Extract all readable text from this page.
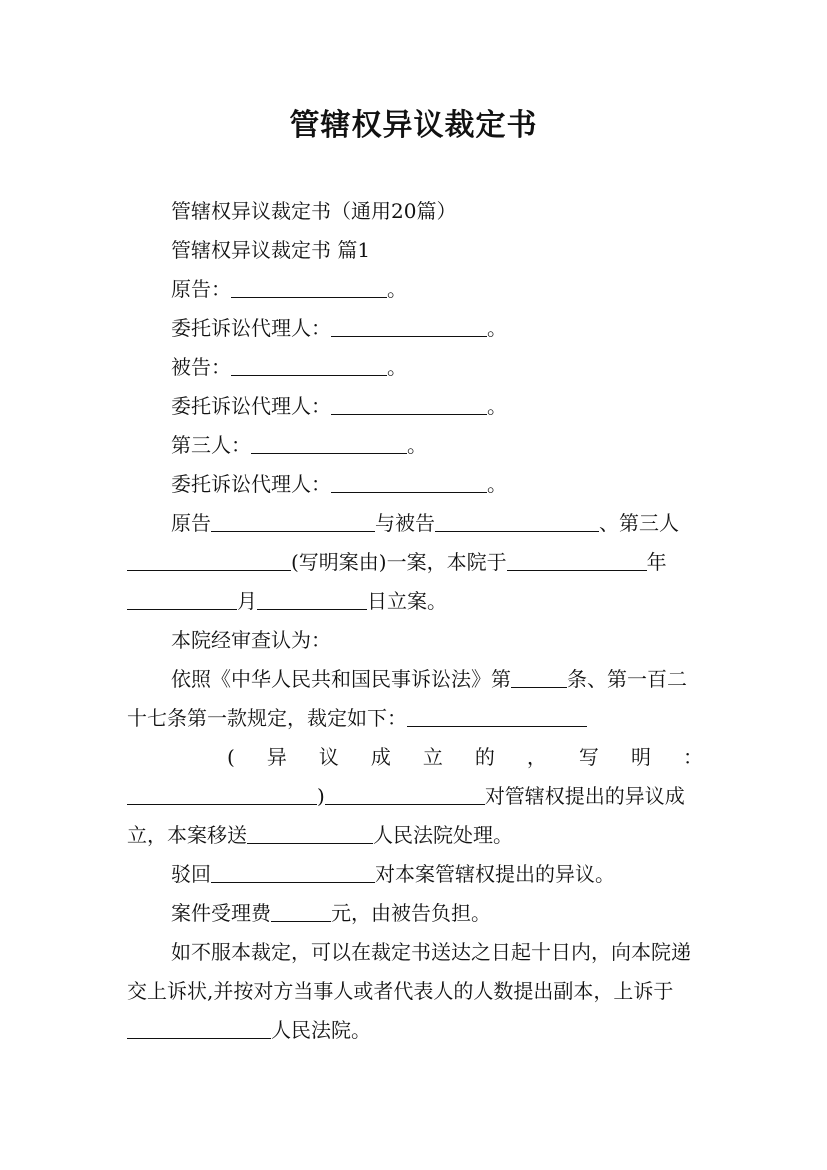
管辖权异议裁定书

管辖权异议裁定书（通用20篇）

管辖权异议裁定书 篇1

原告：	。

委托诉讼代理人：	。

被告：	。

委托诉讼代理人：	。

第三人：	。

委托诉讼代理人：	。

原告	与被告	、第三人(写明案由)一案，本院于	年月	日立案。

本院经审查认为：

依照《中华人民共和国民事诉讼法》第	条、第一百二十七条第一款规定，裁定如下：

( 异 议 成 立 的 ， 写 明 ：

)	对管辖权提出的异议成立，本案移送	人民法院处理。

驳回	对本案管辖权提出的异议。

案件受理费	元，由被告负担。

如不服本裁定，可以在裁定书送达之日起十日内，向本院递交上诉状,并按对方当事人或者代表人的人数提出副本，上诉于人民法院。
